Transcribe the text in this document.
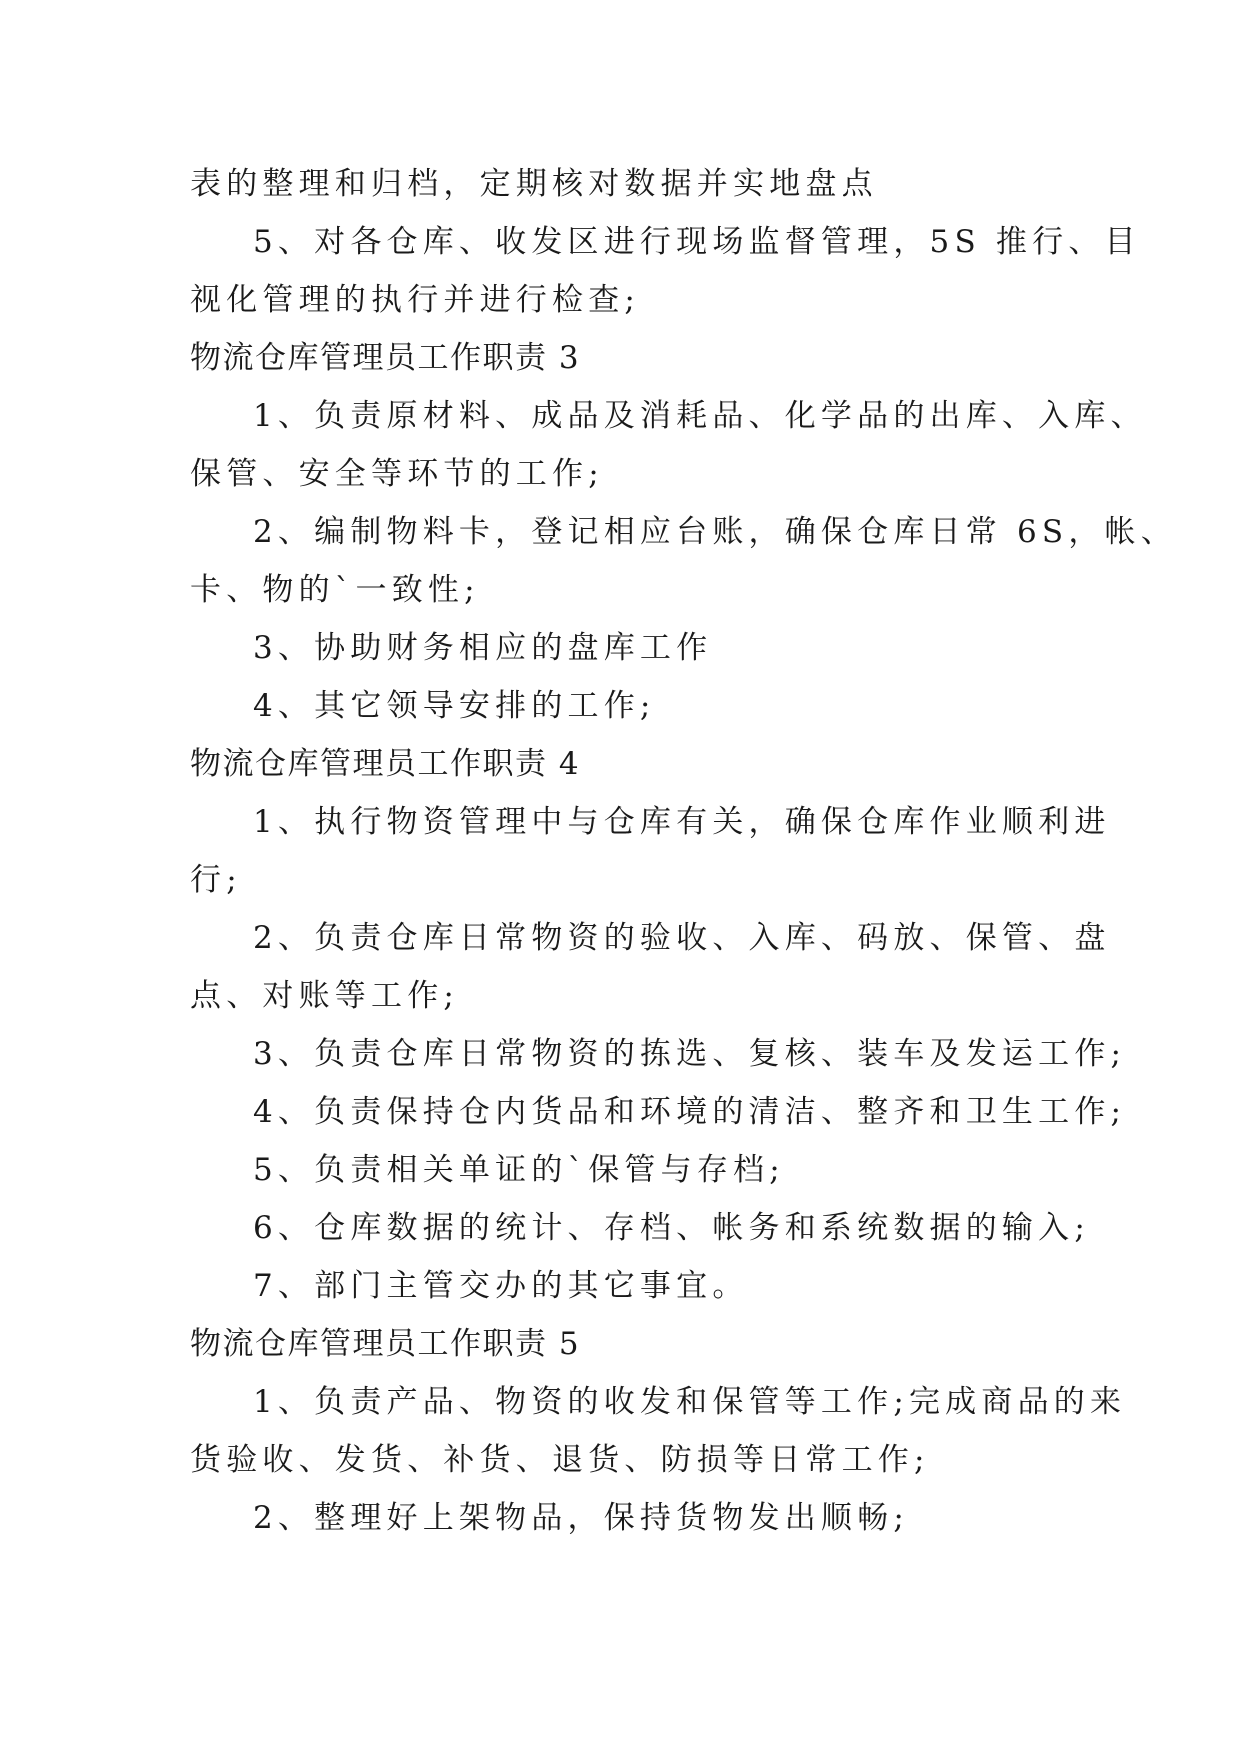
表的整理和归档，定期核对数据并实地盘点
5、对各仓库、收发区进行现场监督管理，5S 推行、目
视化管理的执行并进行检查;
物流仓库管理员工作职责 3
1、负责原材料、成品及消耗品、化学品的出库、入库、
保管、安全等环节的工作;
2、编制物料卡，登记相应台账，确保仓库日常 6S，帐、
卡、物的`一致性;
3、协助财务相应的盘库工作
4、其它领导安排的工作;
物流仓库管理员工作职责 4
1、执行物资管理中与仓库有关，确保仓库作业顺利进
行;
2、负责仓库日常物资的验收、入库、码放、保管、盘
点、对账等工作;
3、负责仓库日常物资的拣选、复核、装车及发运工作;
4、负责保持仓内货品和环境的清洁、整齐和卫生工作;
5、负责相关单证的`保管与存档;
6、仓库数据的统计、存档、帐务和系统数据的输入;
7、部门主管交办的其它事宜。
物流仓库管理员工作职责 5
1、负责产品、物资的收发和保管等工作;完成商品的来
货验收、发货、补货、退货、防损等日常工作;
2、整理好上架物品，保持货物发出顺畅;
